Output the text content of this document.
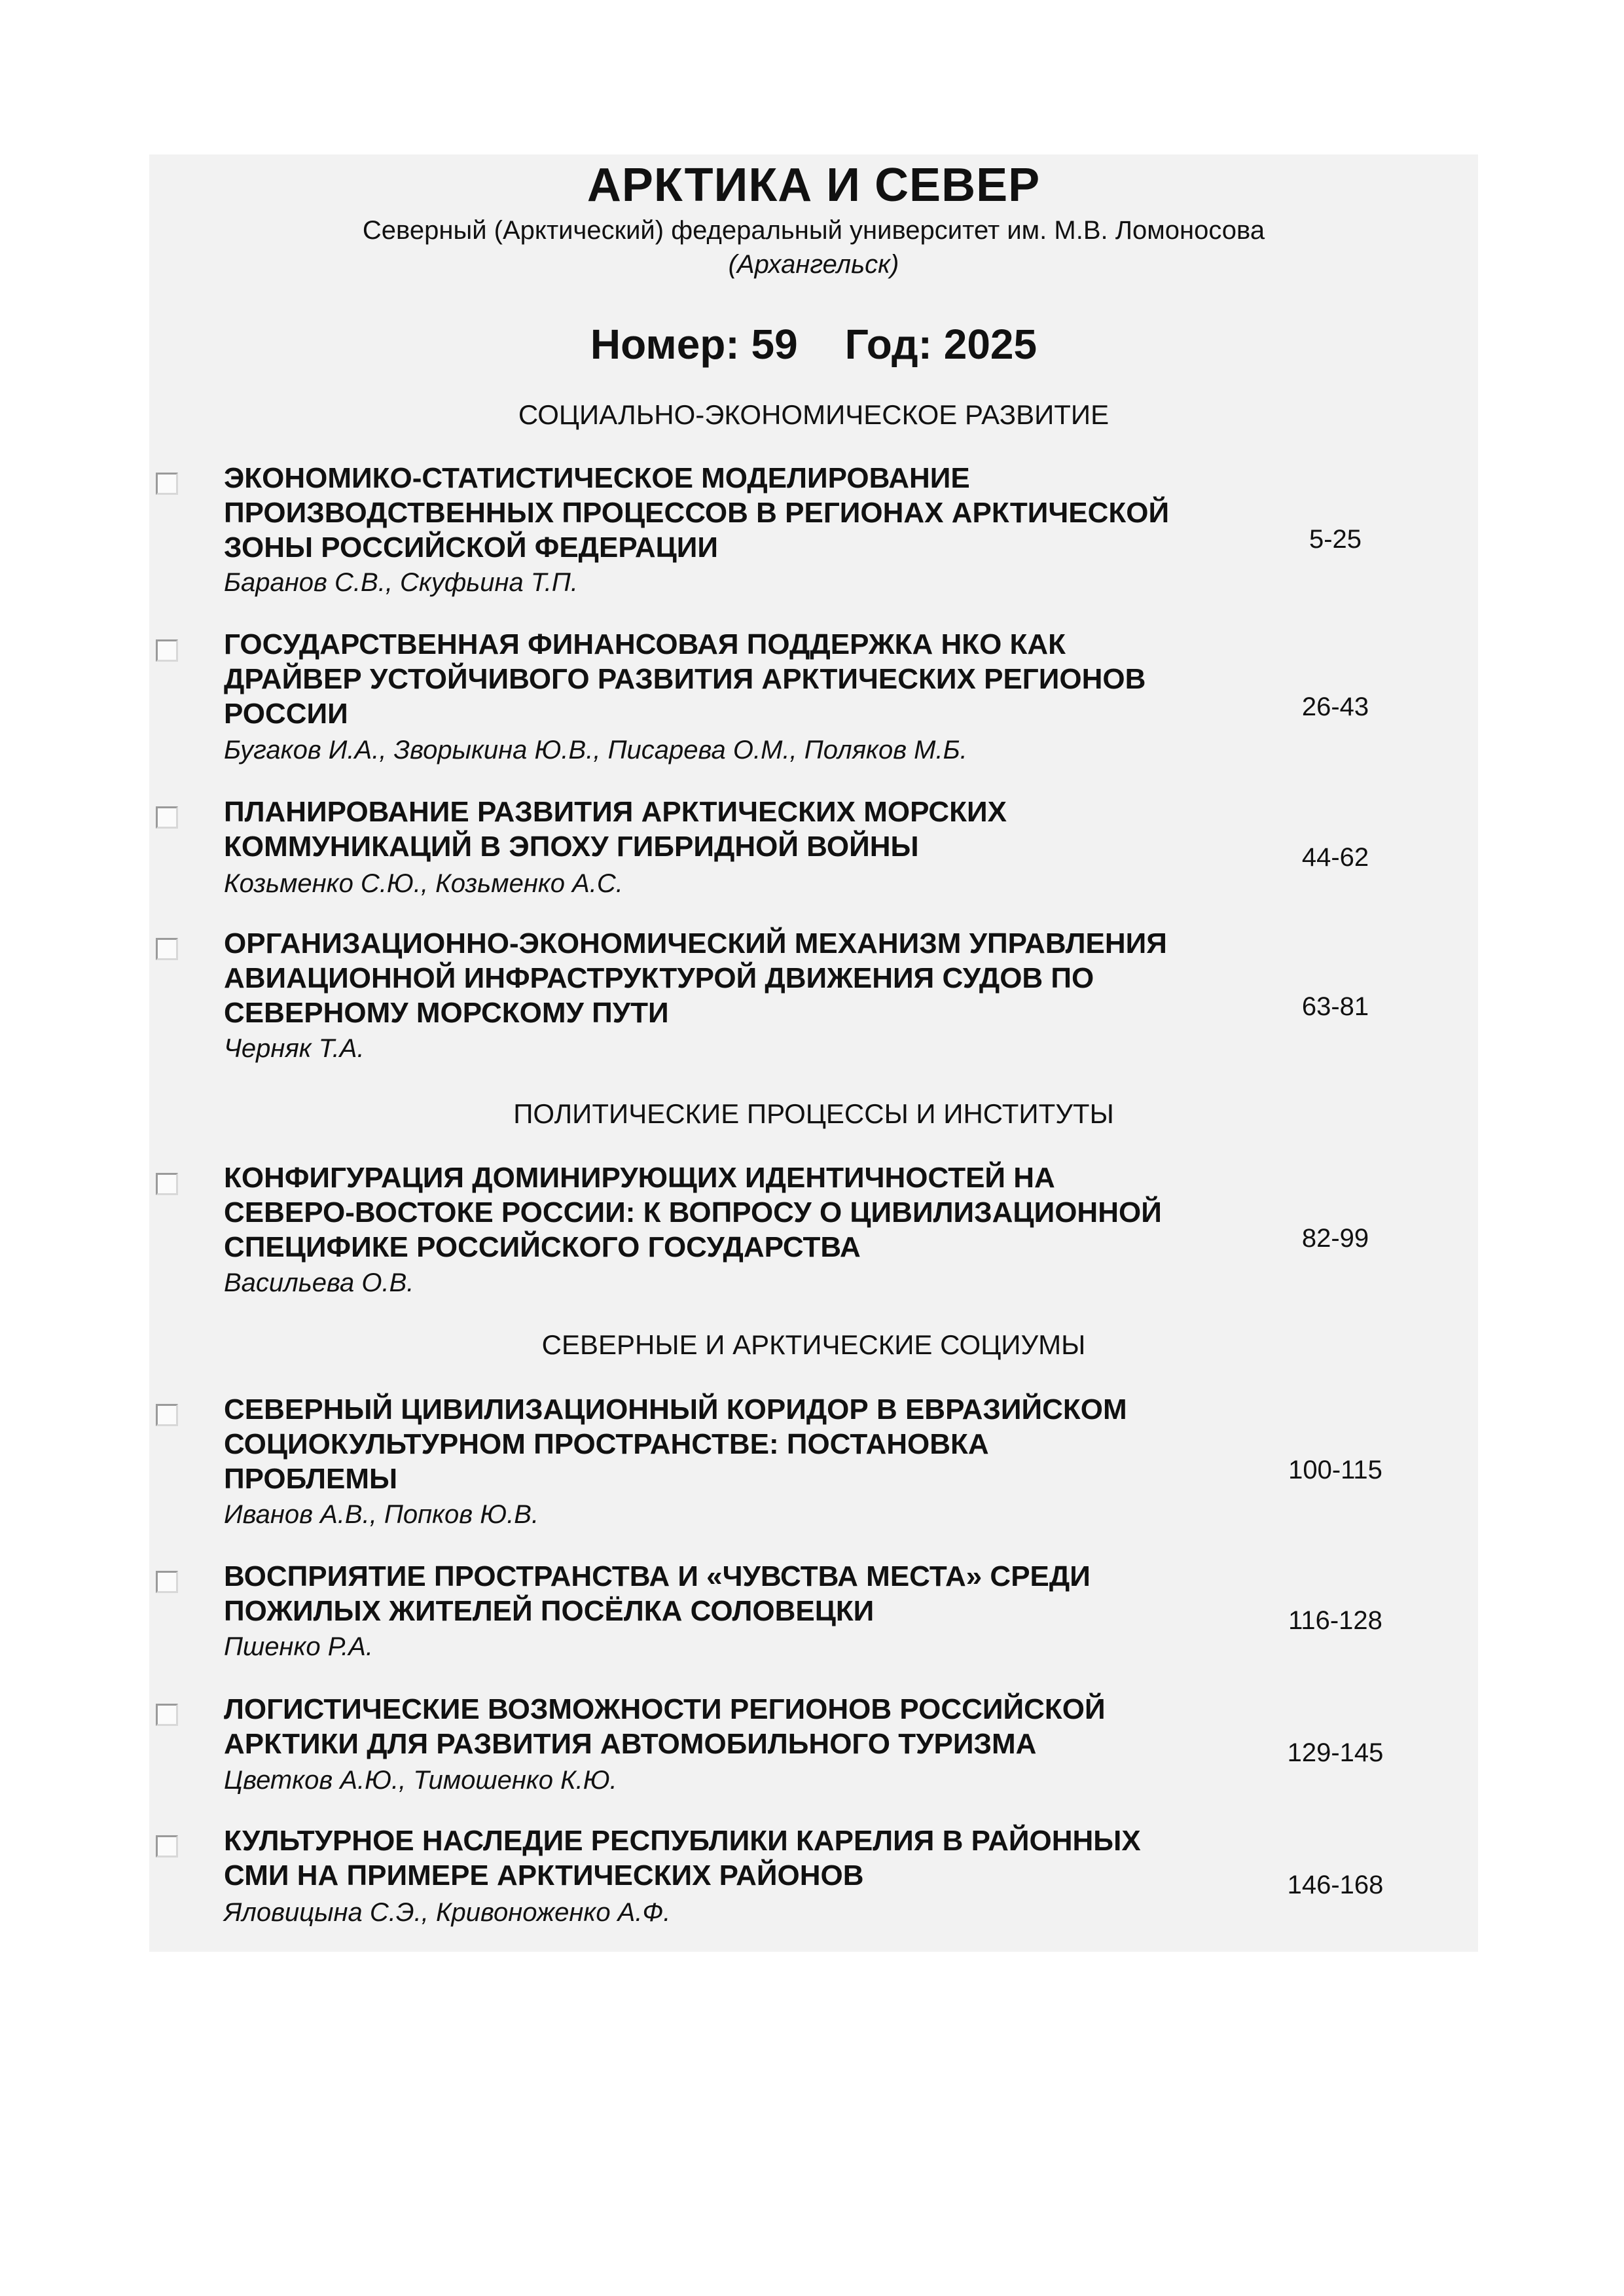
АРКТИКА И СЕВЕР
Северный (Арктический) федеральный университет им. М.В. Ломоносова
(Архангельск)
Номер: 59 Год: 2025
СОЦИАЛЬНО-ЭКОНОМИЧЕСКОЕ РАЗВИТИЕ
ЭКОНОМИКО-СТАТИСТИЧЕСКОЕ МОДЕЛИРОВАНИЕ
ПРОИЗВОДСТВЕННЫХ ПРОЦЕССОВ В РЕГИОНАХ АРКТИЧЕСКОЙ
ЗОНЫ РОССИЙСКОЙ ФЕДЕРАЦИИ
Баранов С.В., Скуфьина Т.П.
5-25
ГОСУДАРСТВЕННАЯ ФИНАНСОВАЯ ПОДДЕРЖКА НКО КАК
ДРАЙВЕР УСТОЙЧИВОГО РАЗВИТИЯ АРКТИЧЕСКИХ РЕГИОНОВ
РОССИИ
Бугаков И.А., Зворыкина Ю.В., Писарева О.М., Поляков М.Б.
26-43
ПЛАНИРОВАНИЕ РАЗВИТИЯ АРКТИЧЕСКИХ МОРСКИХ
КОММУНИКАЦИЙ В ЭПОХУ ГИБРИДНОЙ ВОЙНЫ
Козьменко С.Ю., Козьменко А.С.
44-62
ОРГАНИЗАЦИОННО-ЭКОНОМИЧЕСКИЙ МЕХАНИЗМ УПРАВЛЕНИЯ
АВИАЦИОННОЙ ИНФРАСТРУКТУРОЙ ДВИЖЕНИЯ СУДОВ ПО
СЕВЕРНОМУ МОРСКОМУ ПУТИ
Черняк Т.А.
63-81
ПОЛИТИЧЕСКИЕ ПРОЦЕССЫ И ИНСТИТУТЫ
КОНФИГУРАЦИЯ ДОМИНИРУЮЩИХ ИДЕНТИЧНОСТЕЙ НА
СЕВЕРО-ВОСТОКЕ РОССИИ: К ВОПРОСУ О ЦИВИЛИЗАЦИОННОЙ
СПЕЦИФИКЕ РОССИЙСКОГО ГОСУДАРСТВА
Васильева О.В.
82-99
СЕВЕРНЫЕ И АРКТИЧЕСКИЕ СОЦИУМЫ
СЕВЕРНЫЙ ЦИВИЛИЗАЦИОННЫЙ КОРИДОР В ЕВРАЗИЙСКОМ
СОЦИОКУЛЬТУРНОМ ПРОСТРАНСТВЕ: ПОСТАНОВКА
ПРОБЛЕМЫ
Иванов А.В., Попков Ю.В.
100-115
ВОСПРИЯТИЕ ПРОСТРАНСТВА И «ЧУВСТВА МЕСТА» СРЕДИ
ПОЖИЛЫХ ЖИТЕЛЕЙ ПОСЁЛКА СОЛОВЕЦКИ
Пшенко Р.А.
116-128
ЛОГИСТИЧЕСКИЕ ВОЗМОЖНОСТИ РЕГИОНОВ РОССИЙСКОЙ
АРКТИКИ ДЛЯ РАЗВИТИЯ АВТОМОБИЛЬНОГО ТУРИЗМА
Цветков А.Ю., Тимошенко К.Ю.
129-145
КУЛЬТУРНОЕ НАСЛЕДИЕ РЕСПУБЛИКИ КАРЕЛИЯ В РАЙОННЫХ
СМИ НА ПРИМЕРЕ АРКТИЧЕСКИХ РАЙОНОВ
Яловицына С.Э., Кривоноженко А.Ф.
146-168
